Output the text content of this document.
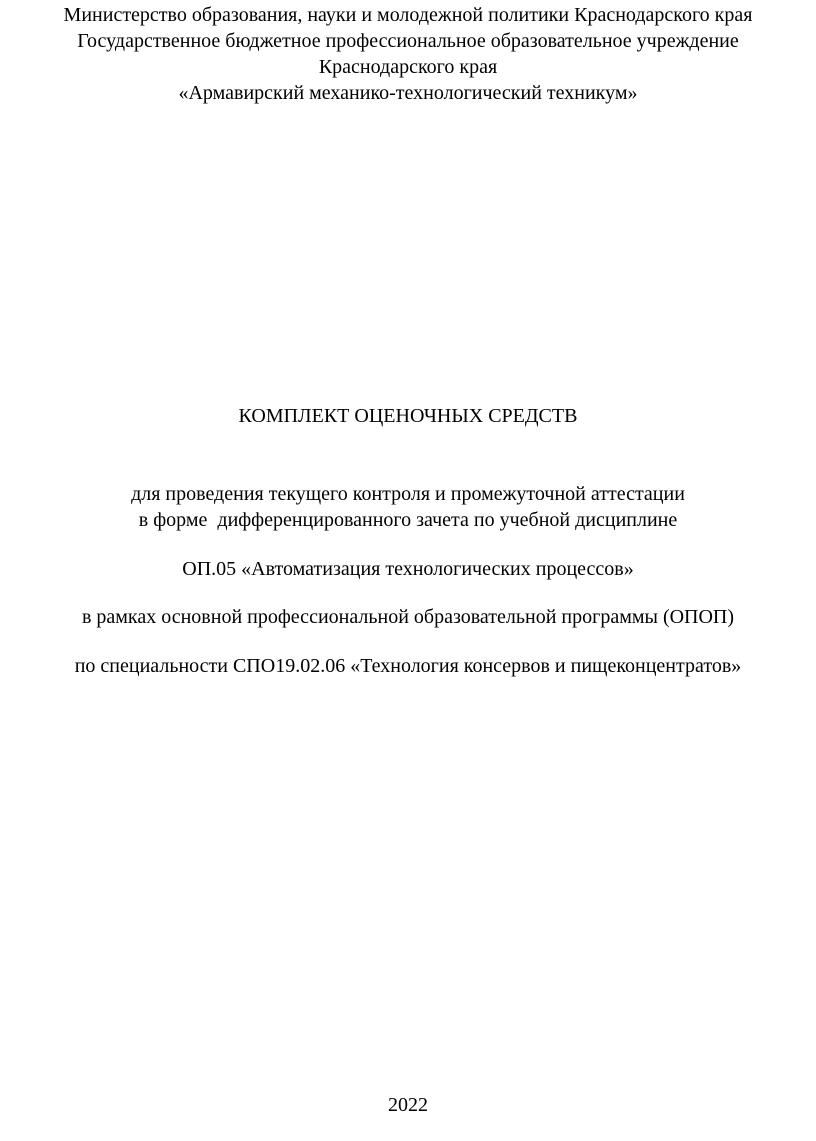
Министерство образования, науки и молодежной политики Краснодарского края
Государственное бюджетное профессиональное образовательное учреждение
Краснодарского края
«Армавирский механико-технологический техникум»
КОМПЛЕКТ ОЦЕНОЧНЫХ СРЕДСТВ
для проведения текущего контроля и промежуточной аттестации
в форме  дифференцированного зачета по учебной дисциплине
ОП.05 «Автоматизация технологических процессов»
в рамках основной профессиональной образовательной программы (ОПОП)
по специальности СПО19.02.06 «Технология консервов и пищеконцентратов»
2022
